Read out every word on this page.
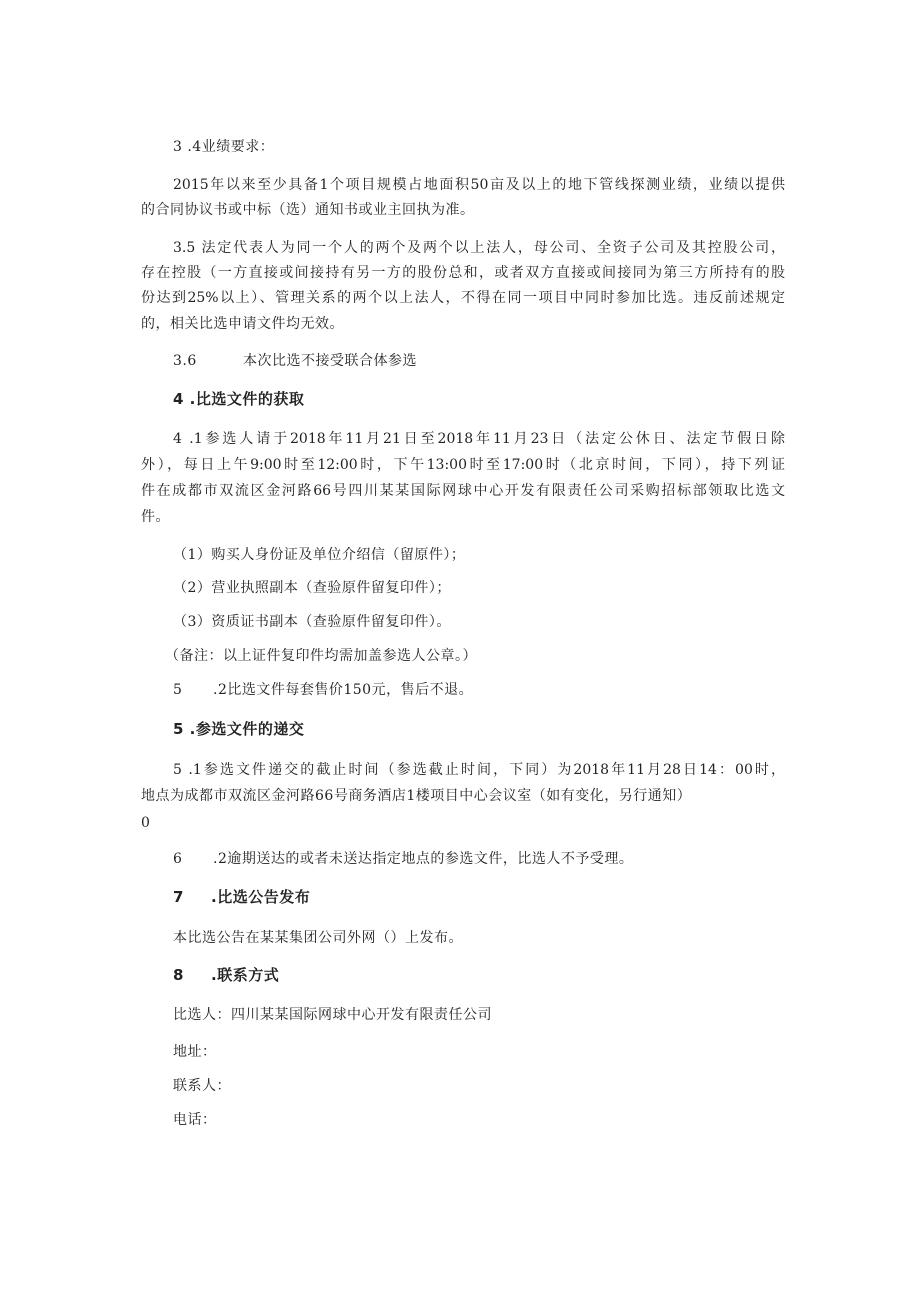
3 .4业绩要求：
2015年以来至少具备1个项目规模占地面积50亩及以上的地下管线探测业绩，业绩以提供
的合同协议书或中标（选）通知书或业主回执为准。
3.5 法定代表人为同一个人的两个及两个以上法人，母公司、全资子公司及其控股公司，
存在控股（一方直接或间接持有另一方的股份总和，或者双方直接或间接同为第三方所持有的股
份达到25%以上）、管理关系的两个以上法人，不得在同一项目中同时参加比选。违反前述规定
的，相关比选申请文件均无效。
3.6	本次比选不接受联合体参选
4 .比选文件的获取
4 .1参选人请于2018年11月21日至2018年11月23日（法定公休日、法定节假日除
外），每日上午9:00时至12:00时，下午13:00时至17:00时（北京时间，下同），持下列证
件在成都市双流区金河路66号四川某某国际网球中心开发有限责任公司采购招标部领取比选文
件。
（1）购买人身份证及单位介绍信（留原件）；
（2）营业执照副本（查验原件留复印件）；
（3）资质证书副本（查验原件留复印件）。
（备注：以上证件复印件均需加盖参选人公章。）
5 .2比选文件每套售价150元，售后不退。
5 .参选文件的递交
5 .1参选文件递交的截止时间（参选截止时间，下同）为2018年11月28日14：00时，
地点为成都市双流区金河路66号商务酒店1楼项目中心会议室（如有变化，另行通知）
0
6 .2逾期送达的或者未送达指定地点的参选文件，比选人不予受理。
7 .比选公告发布
本比选公告在某某集团公司外网（）上发布。
8 .联系方式
比选人：四川某某国际网球中心开发有限责任公司
地址：
联系人：
电话：
